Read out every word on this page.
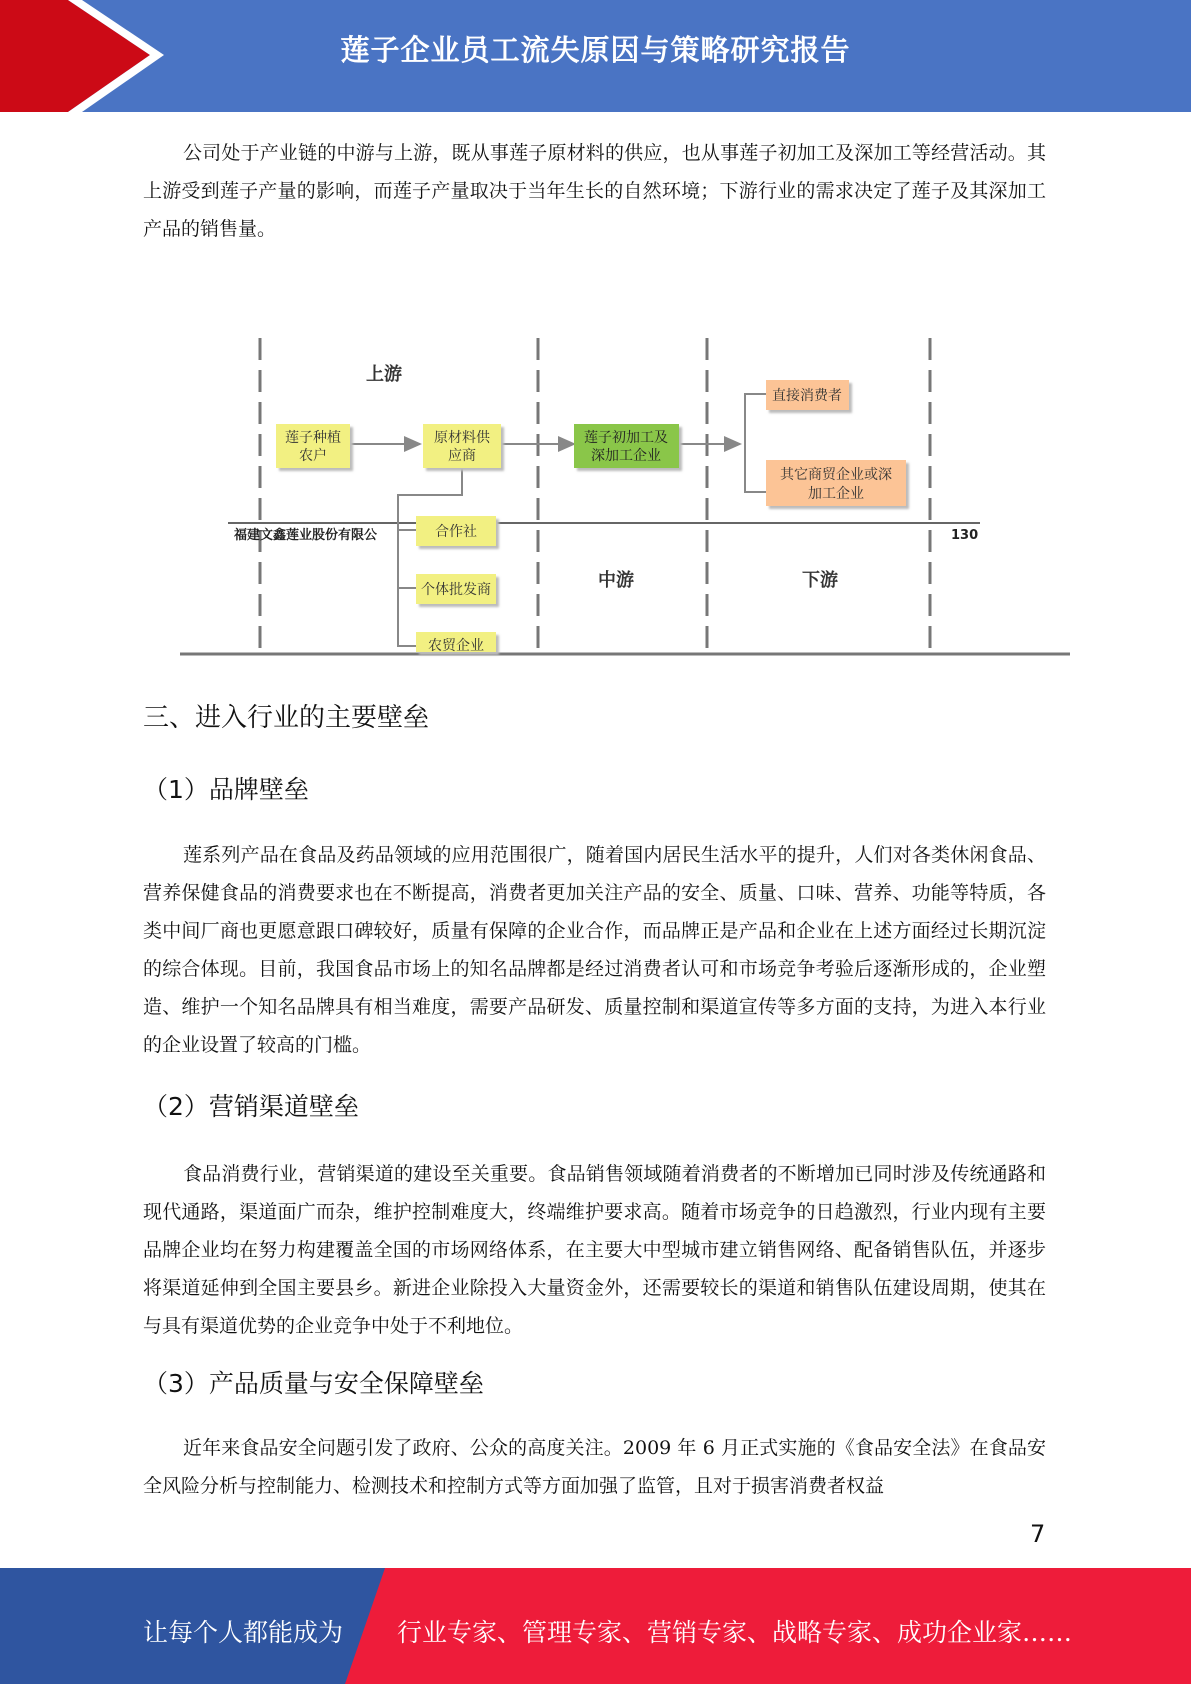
莲子企业员工流失原因与策略研究报告

公司处于产业链的中游与上游，既从事莲子原材料的供应，也从事莲子初加工及深加工等经营活动。其上游受到莲子产量的影响，而莲子产量取决于当年生长的自然环境；下游行业的需求决定了莲子及其深加工产品的销售量。

上游
中游	下游
莲子种植
农户
原材料供
应商
莲子初加工及
深加工企业
直接消费者
其它商贸企业或深
加工企业
合作社
个体批发商
农贸企业
福建文鑫莲业股份有限公	130
三、进入行业的主要壁垒
（1）品牌壁垒

莲系列产品在食品及药品领域的应用范围很广，随着国内居民生活水平的提升，人们对各类休闲食品、营养保健食品的消费要求也在不断提高，消费者更加关注产品的安全、质量、口味、营养、功能等特质，各类中间厂商也更愿意跟口碑较好，质量有保障的企业合作，而品牌正是产品和企业在上述方面经过长期沉淀的综合体现。目前，我国食品市场上的知名品牌都是经过消费者认可和市场竞争考验后逐渐形成的，企业塑造、维护一个知名品牌具有相当难度，需要产品研发、质量控制和渠道宣传等多方面的支持，为进入本行业的企业设置了较高的门槛。

（2）营销渠道壁垒

食品消费行业，营销渠道的建设至关重要。食品销售领域随着消费者的不断增加已同时涉及传统通路和现代通路，渠道面广而杂，维护控制难度大，终端维护要求高。随着市场竞争的日趋激烈，行业内现有主要品牌企业均在努力构建覆盖全国的市场网络体系，在主要大中型城市建立销售网络、配备销售队伍，并逐步将渠道延伸到全国主要县乡。新进企业除投入大量资金外，还需要较长的渠道和销售队伍建设周期，使其在与具有渠道优势的企业竞争中处于不利地位。

（3）产品质量与安全保障壁垒

近年来食品安全问题引发了政府、公众的高度关注。2009 年 6 月正式实施的《食品安全法》在食品安全风险分析与控制能力、检测技术和控制方式等方面加强了监管，且对于损害消费者权益

7
让每个人都能成为 行业专家、管理专家、营销专家、战略专家、成功企业家……
